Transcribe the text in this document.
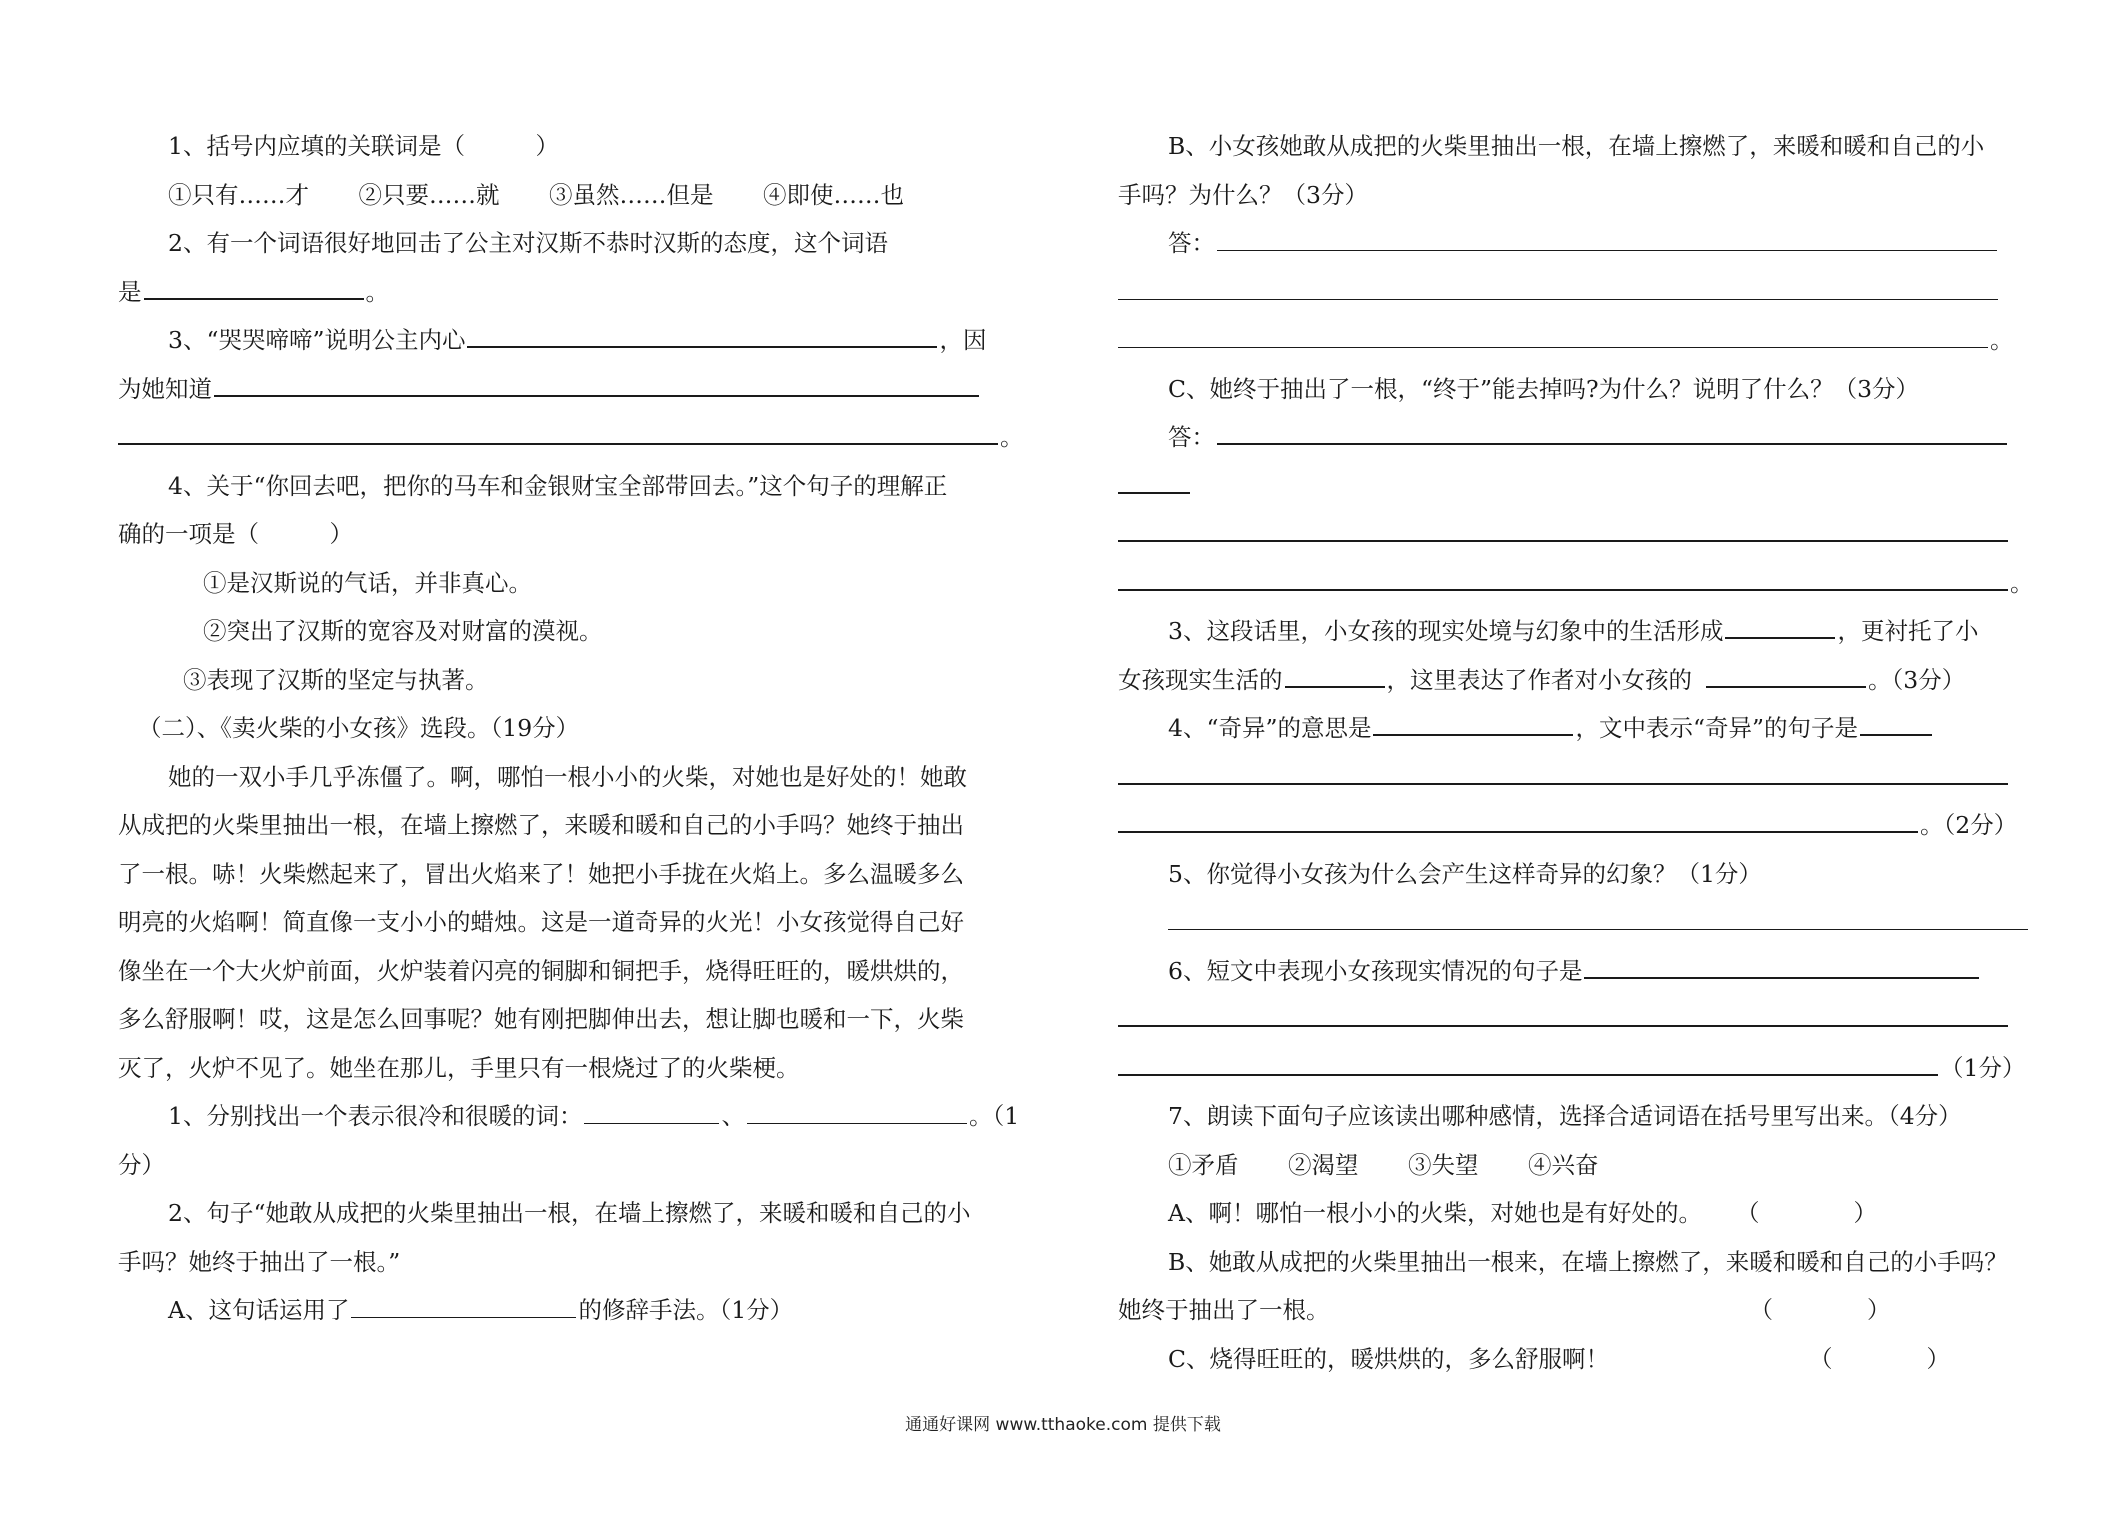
1、括号内应填的关联词是（　　　）
①只有……才 ②只要……就 ③虽然……但是 ④即使……也
2、有一个词语很好地回击了公主对汉斯不恭时汉斯的态度，这个词语
是	。
3、“哭哭啼啼”说明公主内心	，因
为她知道
。
4、关于“你回去吧，把你的马车和金银财宝全部带回去。”这个句子的理解正
确的一项是（　　　）
①是汉斯说的气话，并非真心。
②突出了汉斯的宽容及对财富的漠视。
③表现了汉斯的坚定与执著。
（二）、《卖火柴的小女孩》选段。（19分）
她的一双小手几乎冻僵了。啊，哪怕一根小小的火柴，对她也是好处的！她敢
从成把的火柴里抽出一根，在墙上擦燃了，来暖和暖和自己的小手吗？她终于抽出
了一根。哧！火柴燃起来了，冒出火焰来了！她把小手拢在火焰上。多么温暖多么
明亮的火焰啊！简直像一支小小的蜡烛。这是一道奇异的火光！小女孩觉得自己好
像坐在一个大火炉前面，火炉装着闪亮的铜脚和铜把手，烧得旺旺的，暖烘烘的，
多么舒服啊！哎，这是怎么回事呢？她有刚把脚伸出去，想让脚也暖和一下，火柴
灭了，火炉不见了。她坐在那儿，手里只有一根烧过了的火柴梗。
1、分别找出一个表示很冷和很暖的词：	、	。（1
分）
2、句子“她敢从成把的火柴里抽出一根，在墙上擦燃了，来暖和暖和自己的小
手吗？她终于抽出了一根。”
A、这句话运用了	的修辞手法。（1分）
B、小女孩她敢从成把的火柴里抽出一根，在墙上擦燃了，来暖和暖和自己的小
手吗？为什么？（3分）
答：
。
C、她终于抽出了一根，“终于”能去掉吗?为什么？说明了什么？（3分）
答：
。
3、这段话里，小女孩的现实处境与幻象中的生活形成	，更衬托了小
女孩现实生活的	，这里表达了作者对小女孩的	。（3分）
4、“奇异”的意思是	，文中表示“奇异”的句子是
。（2分）
5、你觉得小女孩为什么会产生这样奇异的幻象？（1分）
6、短文中表现小女孩现实情况的句子是
（1分）
7、朗读下面句子应该读出哪种感情，选择合适词语在括号里写出来。（4分）
①矛盾 ②渴望 ③失望 ④兴奋
A、啊！哪怕一根小小的火柴，对她也是有好处的。 （　　　　）
B、她敢从成把的火柴里抽出一根来，在墙上擦燃了，来暖和暖和自己的小手吗？
她终于抽出了一根。	（　　　　）
C、烧得旺旺的，暖烘烘的，多么舒服啊！	（　　　　）
通通好课网 www.tthaoke.com 提供下载
